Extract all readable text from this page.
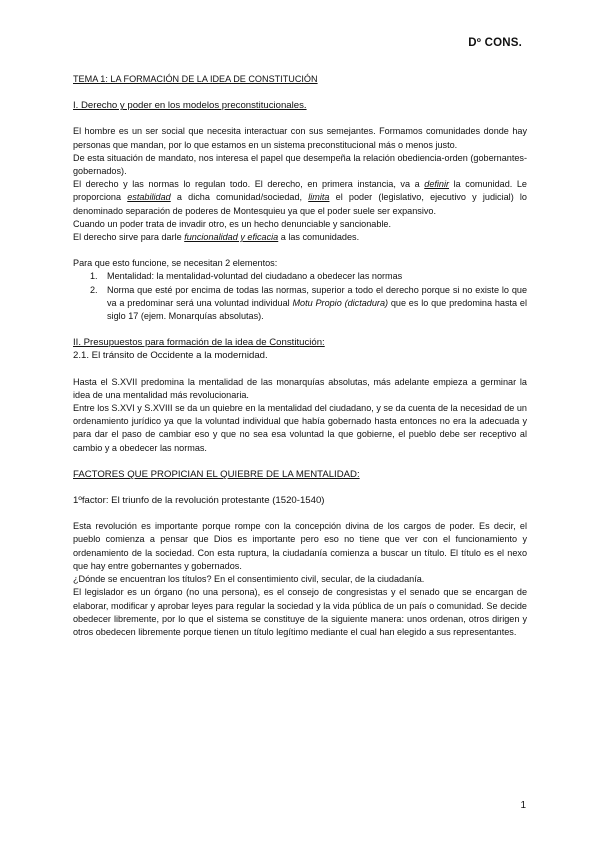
Dº CONS.
TEMA 1: LA FORMACIÓN DE LA IDEA DE CONSTITUCIÓN
I. Derecho y poder en los modelos preconstitucionales.

El hombre es un ser social que necesita interactuar con sus semejantes. Formamos comunidades donde hay personas que mandan, por lo que estamos en un sistema preconstitucional más o menos justo.

De esta situación de mandato, nos interesa el papel que desempeña la relación obediencia-orden (gobernantes-gobernados).

El derecho y las normas lo regulan todo. El derecho, en primera instancia, va a definir la comunidad. Le proporciona estabilidad a dicha comunidad/sociedad, limita el poder (legislativo, ejecutivo y judicial) lo denominado separación de poderes de Montesquieu ya que el poder suele ser expansivo.

Cuando un poder trata de invadir otro, es un hecho denunciable y sancionable.

El derecho sirve para darle funcionalidad y eficacia a las comunidades.

Para que esto funcione, se necesitan 2 elementos:

1. Mentalidad: la mentalidad-voluntad del ciudadano a obedecer las normas
2. Norma que esté por encima de todas las normas, superior a todo el derecho porque si no existe lo que va a predominar será una voluntad individual Motu Propio (dictadura) que es lo que predomina hasta el siglo 17 (ejem. Monarquías absolutas).
II. Presupuestos para formación de la idea de Constitución:
2.1. El tránsito de Occidente a la modernidad.

Hasta el S.XVII predomina la mentalidad de las monarquías absolutas, más adelante empieza a germinar la idea de una mentalidad más revolucionaria.

Entre los S.XVI y S.XVIII se da un quiebre en la mentalidad del ciudadano, y se da cuenta de la necesidad de un ordenamiento jurídico ya que la voluntad individual que había gobernado hasta entonces no era la adecuada y para dar el paso de cambiar eso y que no sea esa voluntad la que gobierne, el pueblo debe ser receptivo al cambio y a obedecer las normas.

FACTORES QUE PROPICIAN EL QUIEBRE DE LA MENTALIDAD:
1ºfactor: El triunfo de la revolución protestante (1520-1540)

Esta revolución es importante porque rompe con la concepción divina de los cargos de poder. Es decir, el pueblo comienza a pensar que Dios es importante pero eso no tiene que ver con el funcionamiento y ordenamiento de la sociedad. Con esta ruptura, la ciudadanía comienza a buscar un título. El título es el nexo que hay entre gobernantes y gobernados.

¿Dónde se encuentran los títulos? En el consentimiento civil, secular, de la ciudadanía.

El legislador es un órgano (no una persona), es el consejo de congresistas y el senado que se encargan de elaborar, modificar y aprobar leyes para regular la sociedad y la vida pública de un país o comunidad. Se decide obedecer libremente, por lo que el sistema se constituye de la siguiente manera: unos ordenan, otros dirigen y otros obedecen libremente porque tienen un título legítimo mediante el cual han elegido a sus representantes.

1
